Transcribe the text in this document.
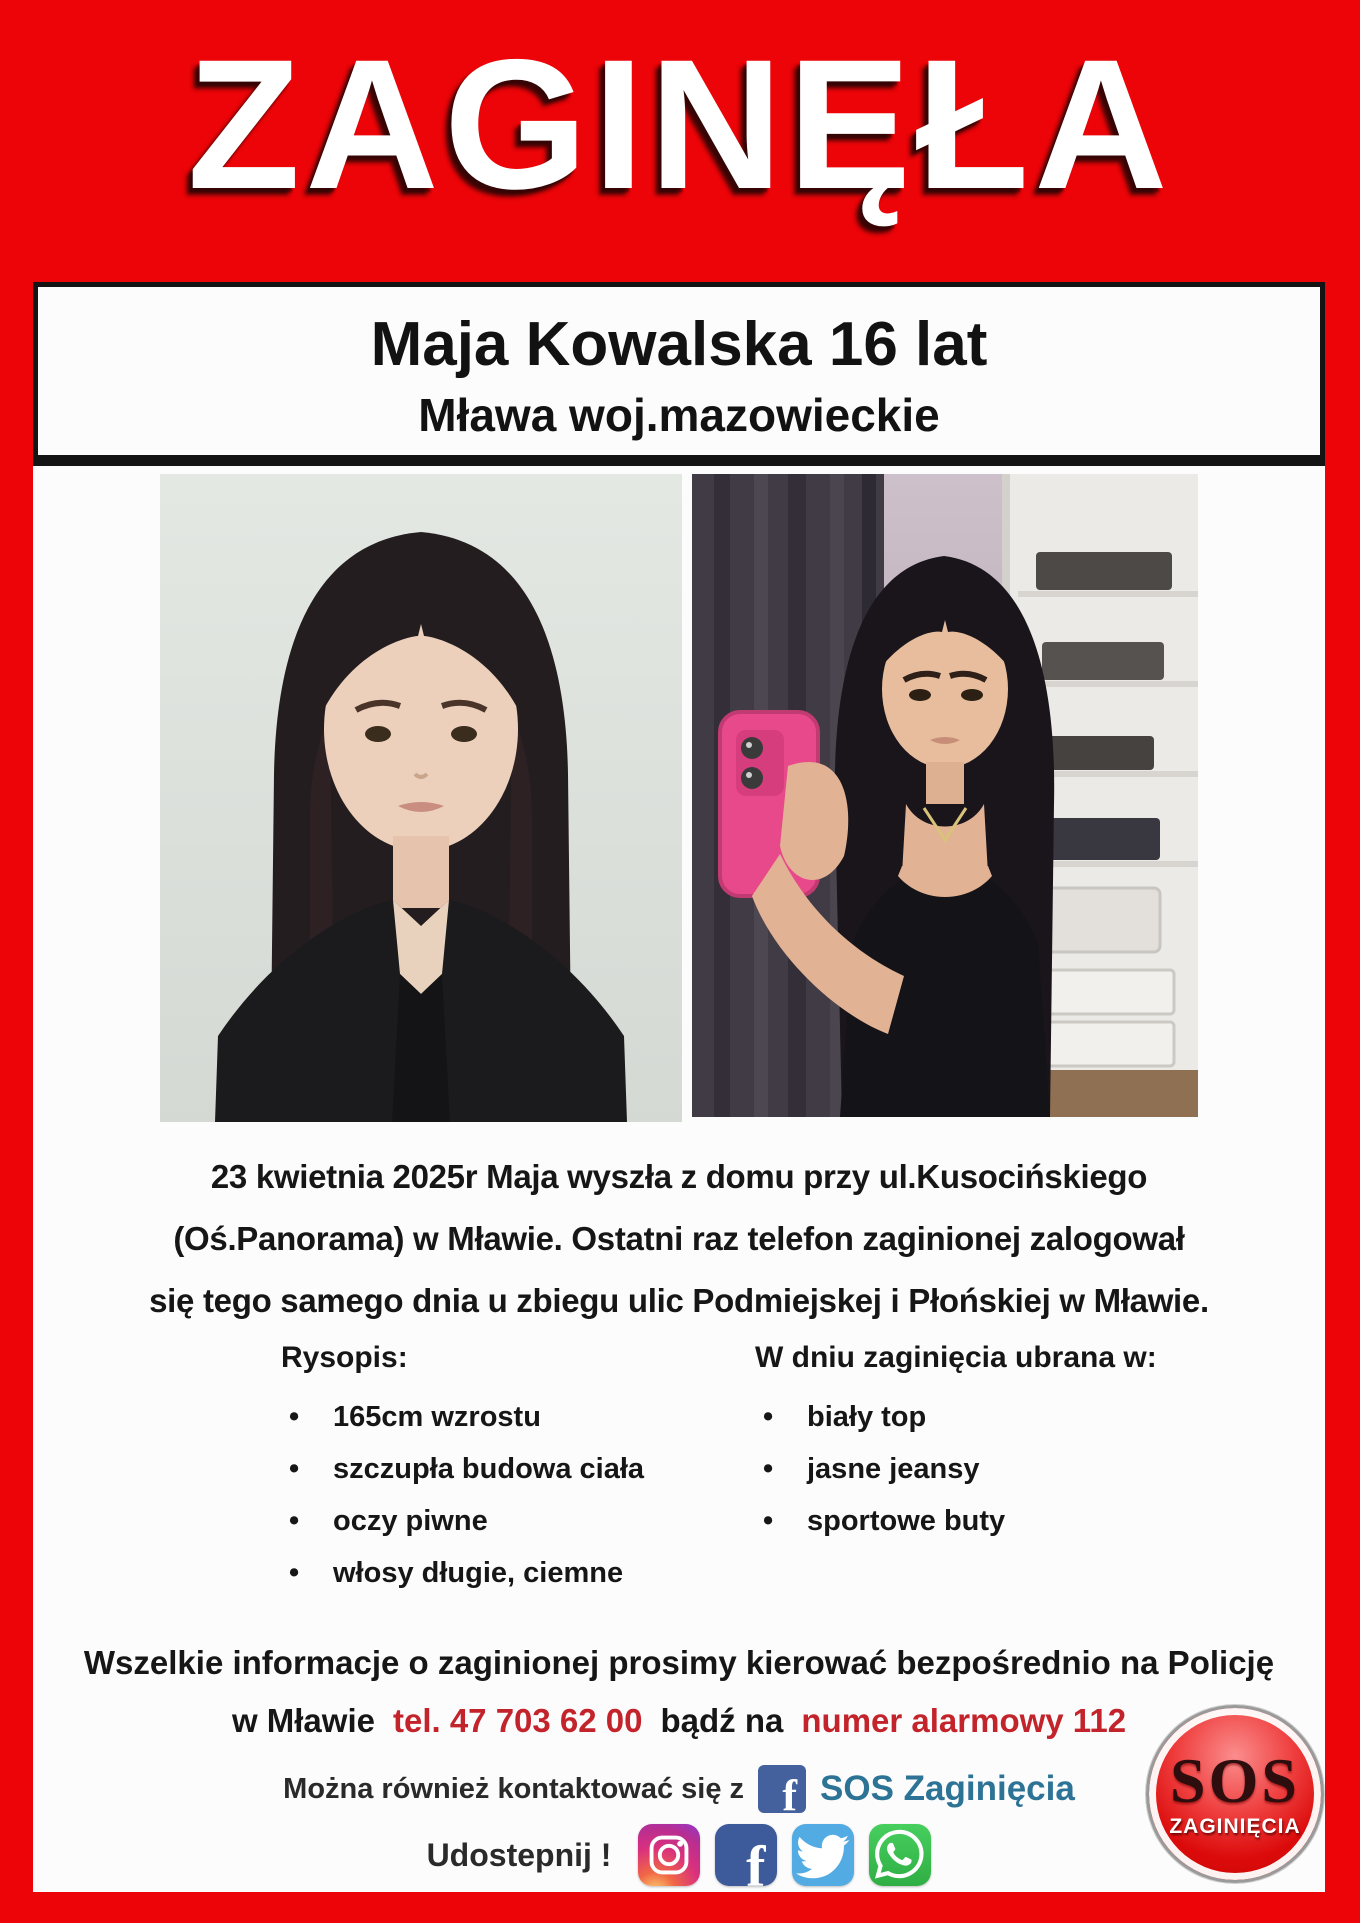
ZAGINĘŁA
Maja Kowalska 16 lat
Mława woj.mazowieckie
23 kwietnia 2025r Maja wyszła z domu przy ul.Kusocińskiego
(Oś.Panorama) w Mławie. Ostatni raz telefon zaginionej zalogował
się tego samego dnia u zbiegu ulic Podmiejskej i Płońskiej w Mławie.
Rysopis:
• 165cm wzrostu
• szczupła budowa ciała
• oczy piwne
• włosy długie, ciemne
W dniu zaginięcia ubrana w:
• biały top
• jasne jeansy
• sportowe buty
Wszelkie informacje o zaginionej prosimy kierować bezpośrednio na Policję
w Mławie tel. 47 703 62 00 bądź na numer alarmowy 112
Można również kontaktować się z f SOS Zaginięcia
Udostepnij ! f
SOS
ZAGINIĘCIA
